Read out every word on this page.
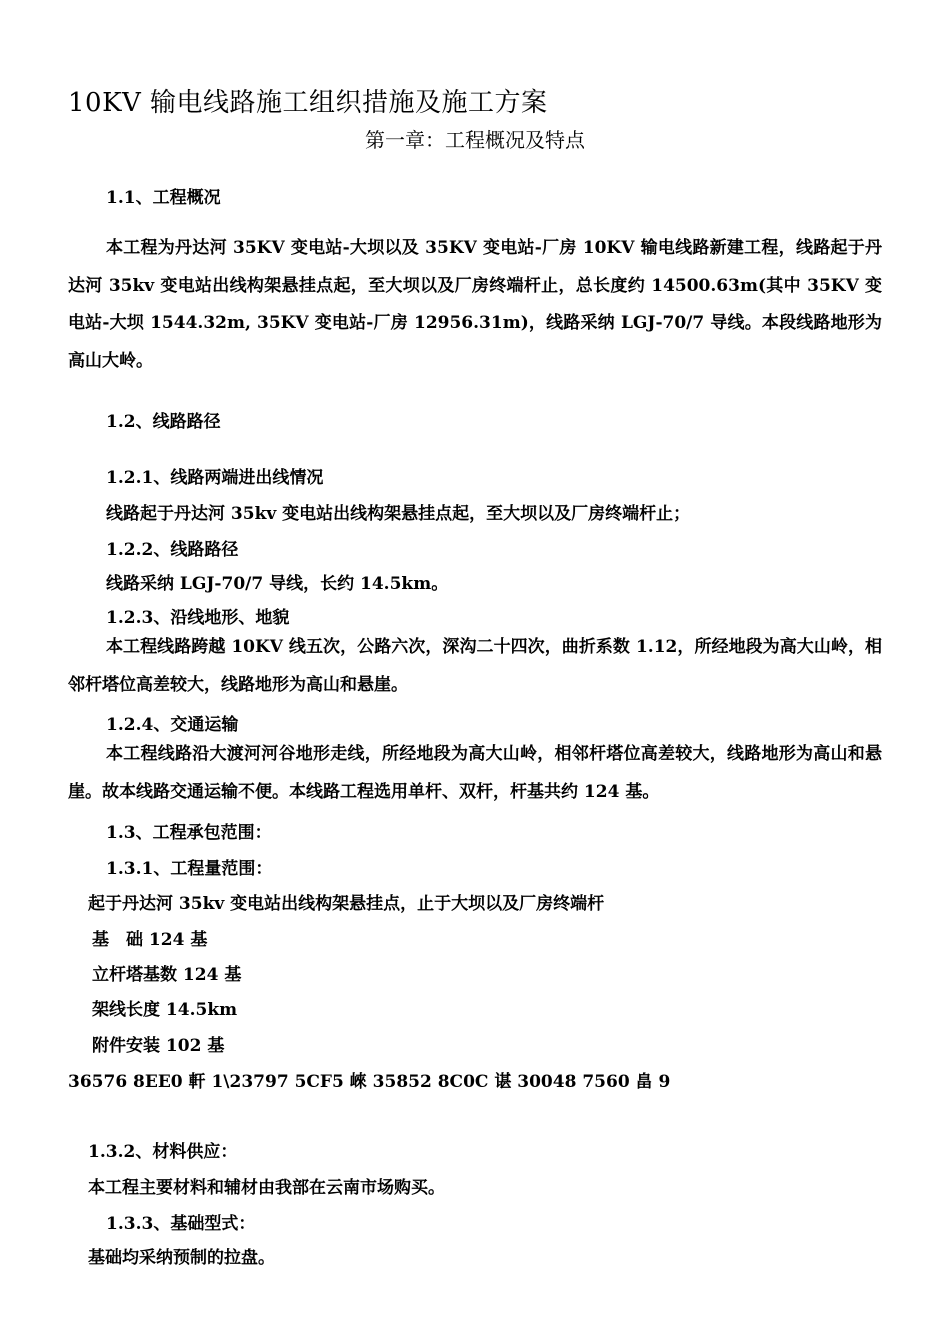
10KV 输电线路施工组织措施及施工方案
第一章：工程概况及特点
1.1、工程概况
本工程为丹达河 35KV 变电站-大坝以及 35KV 变电站-厂房 10KV 输电线路新建工程，线路起于丹达河 35kv 变电站出线构架悬挂点起，至大坝以及厂房终端杆止，总长度约 14500.63m(其中 35KV 变电站-大坝 1544.32m, 35KV 变电站-厂房 12956.31m)，线路采纳 LGJ-70/7 导线。本段线路地形为高山大岭。
1.2、线路路径
1.2.1、线路两端进出线情况
线路起于丹达河 35kv 变电站出线构架悬挂点起，至大坝以及厂房终端杆止；
1.2.2、线路路径
线路采纳 LGJ-70/7 导线，长约 14.5km。
1.2.3、沿线地形、地貌
本工程线路跨越 10KV 线五次，公路六次，深沟二十四次，曲折系数 1.12，所经地段为高大山岭，相邻杆塔位高差较大，线路地形为高山和悬崖。
1.2.4、交通运输
本工程线路沿大渡河河谷地形走线，所经地段为高大山岭，相邻杆塔位高差较大，线路地形为高山和悬崖。故本线路交通运输不便。本线路工程选用单杆、双杆，杆基共约 124 基。
1.3、工程承包范围：
1.3.1、工程量范围：
起于丹达河 35kv 变电站出线构架悬挂点，止于大坝以及厂房终端杆
基　础 124 基
立杆塔基数 124 基
架线长度 14.5km
附件安装 102 基
36576 8EE0 軒 1\23797 5CF5 崍 35852 8C0C 谌 30048 7560 畠 9
1.3.2、材料供应：
本工程主要材料和辅材由我部在云南市场购买。
1.3.3、基础型式：
基础均采纳预制的拉盘。
